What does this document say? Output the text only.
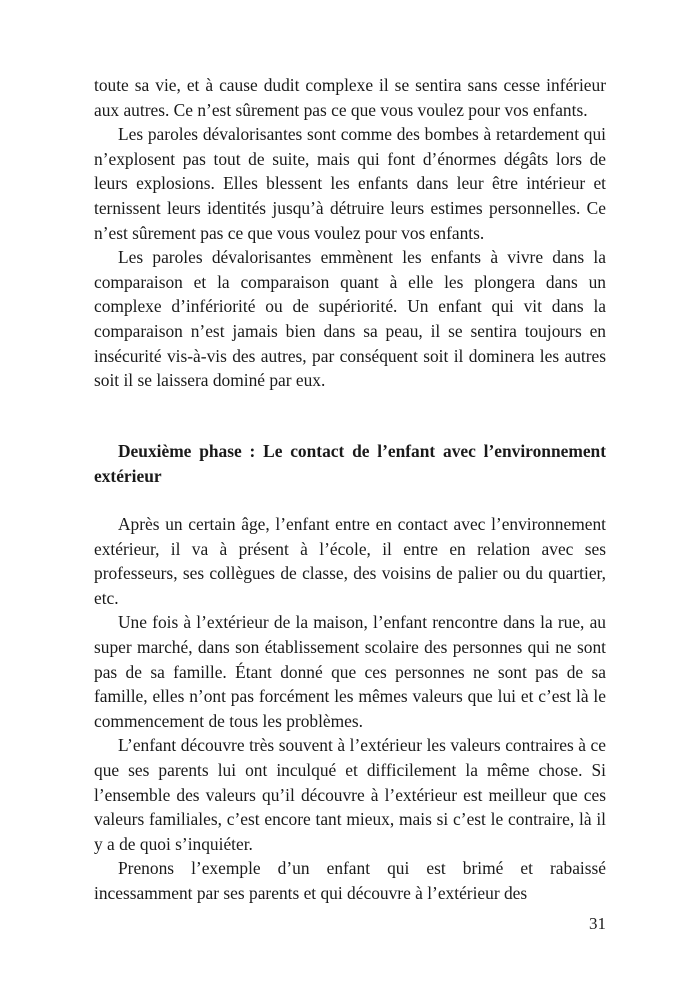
toute sa vie, et à cause dudit complexe il se sentira sans cesse inférieur aux autres. Ce n’est sûrement pas ce que vous voulez pour vos enfants.

Les paroles dévalorisantes sont comme des bombes à retardement qui n’explosent pas tout de suite, mais qui font d’énormes dégâts lors de leurs explosions. Elles blessent les enfants dans leur être intérieur et ternissent leurs identités jusqu’à détruire leurs estimes personnelles. Ce n’est sûrement pas ce que vous voulez pour vos enfants.

Les paroles dévalorisantes emmènent les enfants à vivre dans la comparaison et la comparaison quant à elle les plongera dans un complexe d’infériorité ou de supériorité. Un enfant qui vit dans la comparaison n’est jamais bien dans sa peau, il se sentira toujours en insécurité vis-à-vis des autres, par conséquent soit il dominera les autres soit il se laissera dominé par eux.

Deuxième phase : Le contact de l’enfant avec l’environnement extérieur

Après un certain âge, l’enfant entre en contact avec l’environnement extérieur, il va à présent à l’école, il entre en relation avec ses professeurs, ses collègues de classe, des voisins de palier ou du quartier, etc.

Une fois à l’extérieur de la maison, l’enfant rencontre dans la rue, au super marché, dans son établissement scolaire des personnes qui ne sont pas de sa famille. Étant donné que ces personnes ne sont pas de sa famille, elles n’ont pas forcément les mêmes valeurs que lui et c’est là le commencement de tous les problèmes.

L’enfant découvre très souvent à l’extérieur les valeurs contraires à ce que ses parents lui ont inculqué et difficilement la même chose. Si l’ensemble des valeurs qu’il découvre à l’extérieur est meilleur que ces valeurs familiales, c’est encore tant mieux, mais si c’est le contraire, là il y a de quoi s’inquiéter.

Prenons l’exemple d’un enfant qui est brimé et rabaissé incessamment par ses parents et qui découvre à l’extérieur des

31
